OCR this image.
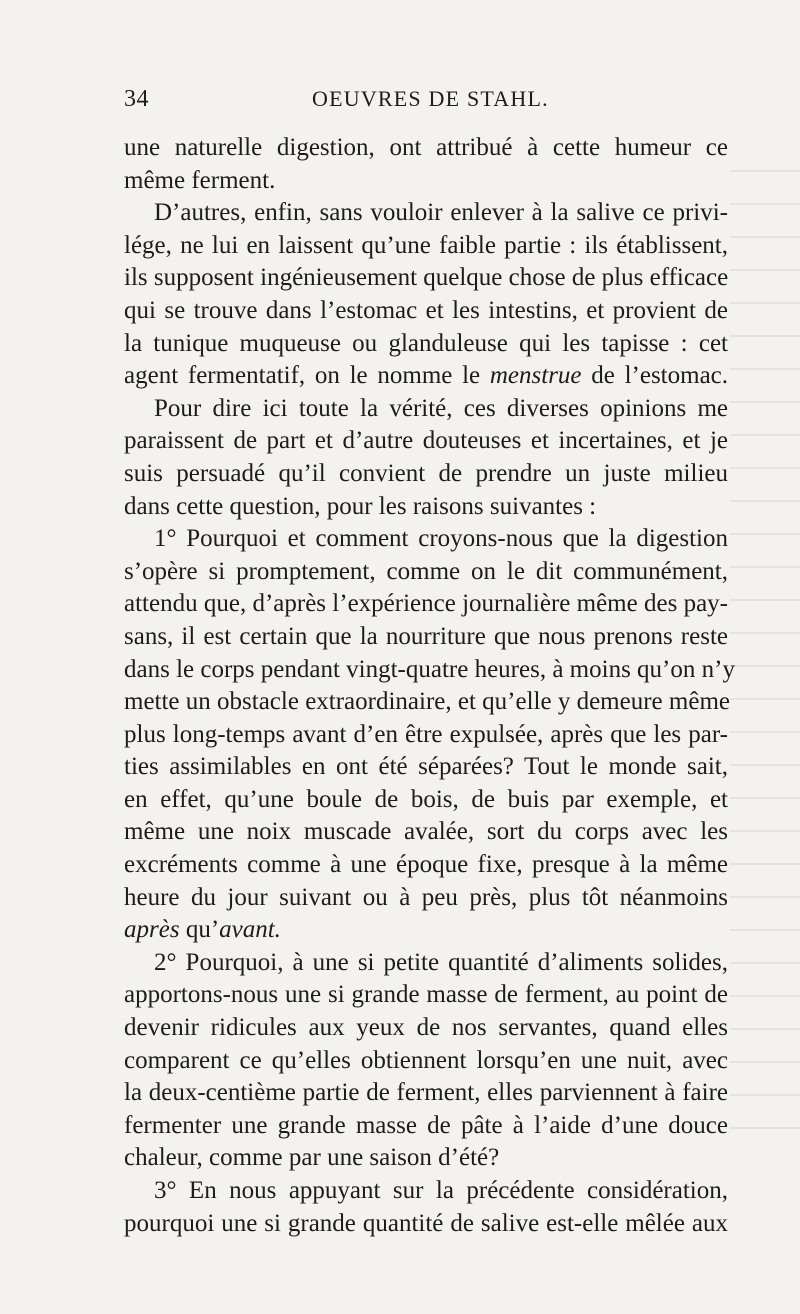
34	OEUVRES DE STAHL.
une naturelle digestion, ont attribué à cette humeur ce
même ferment.
D’autres, enfin, sans vouloir enlever à la salive ce privi-
lége, ne lui en laissent qu’une faible partie : ils établissent,
ils supposent ingénieusement quelque chose de plus efficace
qui se trouve dans l’estomac et les intestins, et provient de
la tunique muqueuse ou glanduleuse qui les tapisse : cet
agent fermentatif, on le nomme le menstrue de l’estomac.
Pour dire ici toute la vérité, ces diverses opinions me
paraissent de part et d’autre douteuses et incertaines, et je
suis persuadé qu’il convient de prendre un juste milieu
dans cette question, pour les raisons suivantes :
1° Pourquoi et comment croyons-nous que la digestion
s’opère si promptement, comme on le dit communément,
attendu que, d’après l’expérience journalière même des pay-
sans, il est certain que la nourriture que nous prenons reste
dans le corps pendant vingt-quatre heures, à moins qu’on n’y
mette un obstacle extraordinaire, et qu’elle y demeure même
plus long-temps avant d’en être expulsée, après que les par-
ties assimilables en ont été séparées? Tout le monde sait,
en effet, qu’une boule de bois, de buis par exemple, et
même une noix muscade avalée, sort du corps avec les
excréments comme à une époque fixe, presque à la même
heure du jour suivant ou à peu près, plus tôt néanmoins
après qu’avant.
2° Pourquoi, à une si petite quantité d’aliments solides,
apportons-nous une si grande masse de ferment, au point de
devenir ridicules aux yeux de nos servantes, quand elles
comparent ce qu’elles obtiennent lorsqu’en une nuit, avec
la deux-centième partie de ferment, elles parviennent à faire
fermenter une grande masse de pâte à l’aide d’une douce
chaleur, comme par une saison d’été?
3° En nous appuyant sur la précédente considération,
pourquoi une si grande quantité de salive est-elle mêlée aux
